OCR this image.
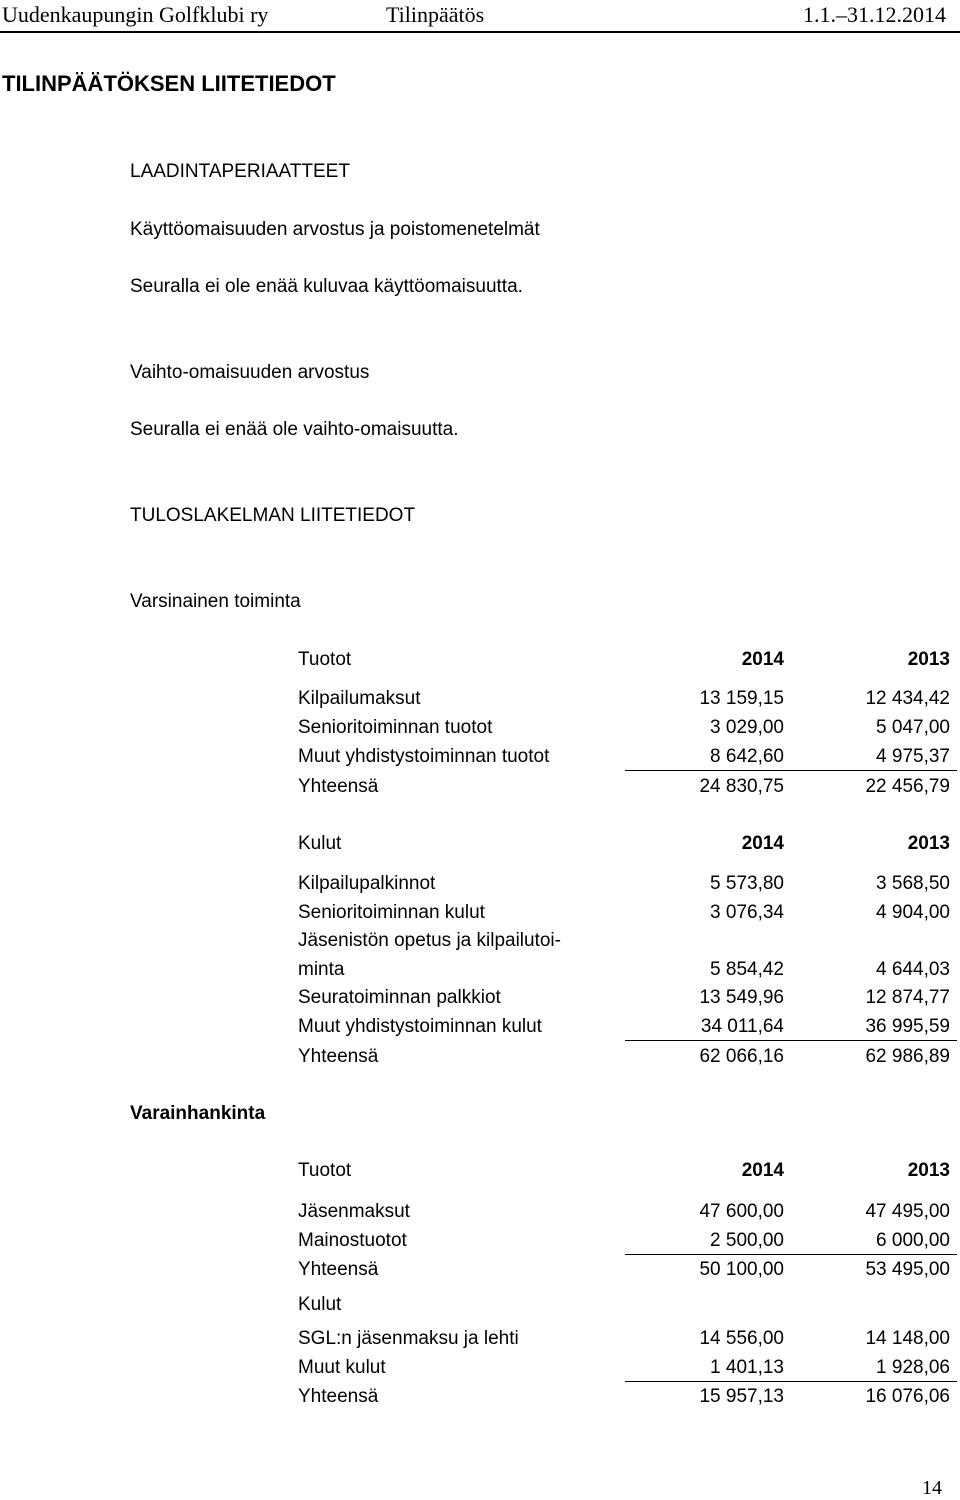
Uudenkaupungin Golfklubi ry	Tilinpäätös	1.1.–31.12.2014
TILINPÄÄTÖKSEN LIITETIEDOT
LAADINTAPERIAATTEET
Käyttöomaisuuden arvostus ja poistomenetelmät
Seuralla ei ole enää kuluvaa käyttöomaisuutta.
Vaihto-omaisuuden arvostus
Seuralla ei enää ole vaihto-omaisuutta.
TULOSLAKELMAN LIITETIEDOT
Varsinainen toiminta
Tuotot	2014	2013
Kilpailumaksut	13 159,15	12 434,42
Senioritoiminnan tuotot	3 029,00	5 047,00
Muut yhdistystoiminnan tuotot	8 642,60	4 975,37
Yhteensä	24 830,75	22 456,79
Kulut	2014	2013
Kilpailupalkinnot	5 573,80	3 568,50
Senioritoiminnan kulut	3 076,34	4 904,00
Jäsenistön opetus ja kilpailutoi-
minta	5 854,42	4 644,03
Seuratoiminnan palkkiot	13 549,96	12 874,77
Muut yhdistystoiminnan kulut	34 011,64	36 995,59
Yhteensä	62 066,16	62 986,89
Varainhankinta
Tuotot	2014	2013
Jäsenmaksut	47 600,00	47 495,00
Mainostuotot	2 500,00	6 000,00
Yhteensä	50 100,00	53 495,00
Kulut
SGL:n jäsenmaksu ja lehti	14 556,00	14 148,00
Muut kulut	1 401,13	1 928,06
Yhteensä	15 957,13	16 076,06
14
